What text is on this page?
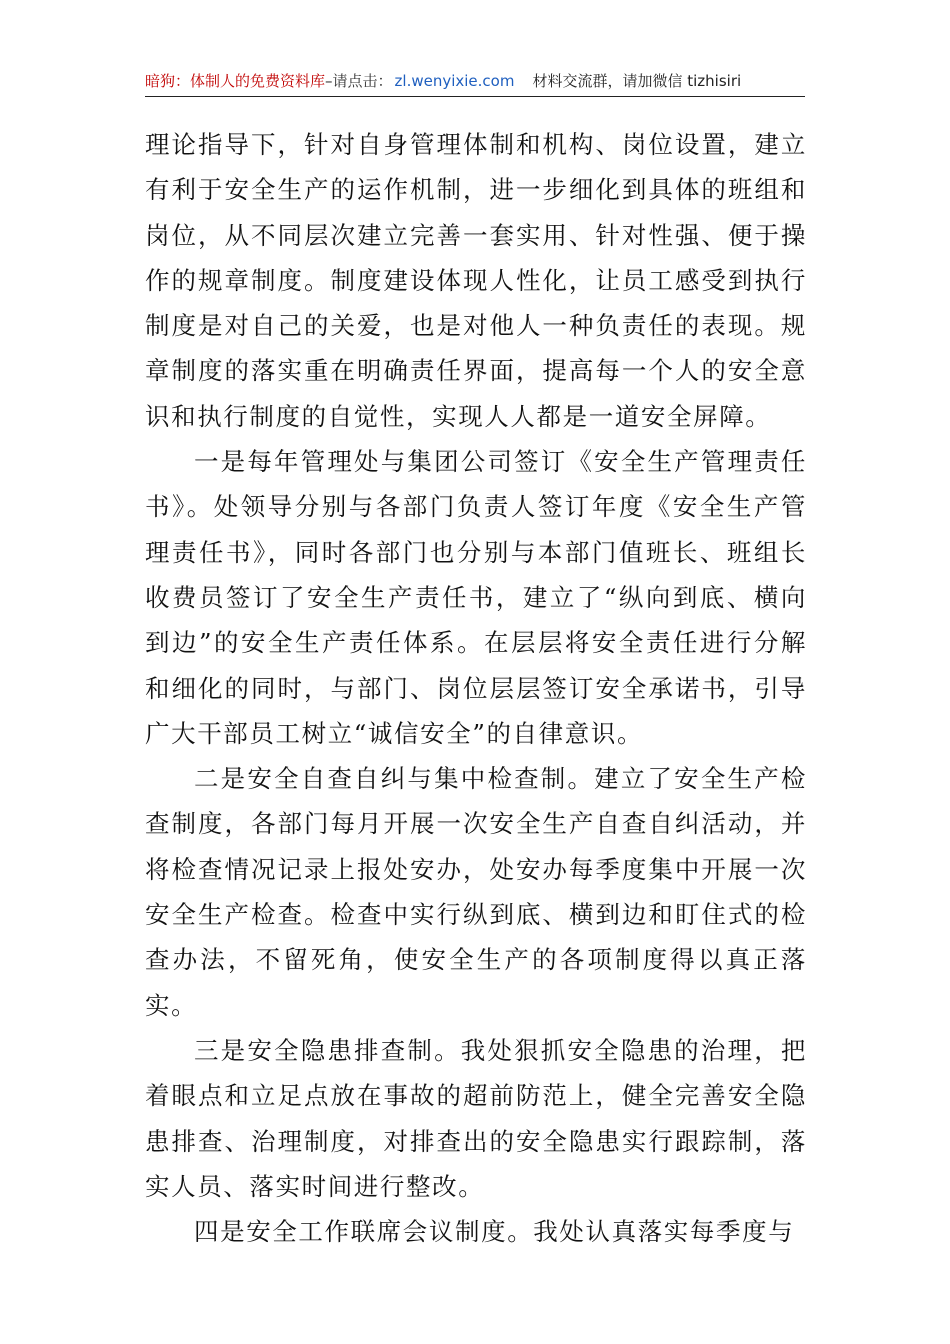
暗狗：体制人的免费资料库 –请点击： zl.wenyixie.com 材料交流群，请加微信 tizhisiri

理论指导下，针对自身管理体制和机构、岗位设置，建立有利于安全生产的运作机制，进一步细化到具体的班组和岗位，从不同层次建立完善一套实用、针对性强、便于操作的规章制度。制度建设体现人性化，让员工感受到执行制度是对自己的关爱，也是对他人一种负责任的表现。规章制度的落实重在明确责任界面，提高每一个人的安全意识和执行制度的自觉性，实现人人都是一道安全屏障。

一是每年管理处与集团公司签订《安全生产管理责任书》。处领导分别与各部门负责人签订年度《安全生产管理责任书》，同时各部门也分别与本部门值班长、班组长收费员签订了安全生产责任书，建立了“纵向到底、横向到边”的安全生产责任体系。在层层将安全责任进行分解和细化的同时，与部门、岗位层层签订安全承诺书，引导广大干部员工树立“诚信安全”的自律意识。

二是安全自查自纠与集中检查制。建立了安全生产检查制度，各部门每月开展一次安全生产自查自纠活动，并将检查情况记录上报处安办，处安办每季度集中开展一次安全生产检查。检查中实行纵到底、横到边和盯住式的检查办法，不留死角，使安全生产的各项制度得以真正落实。

三是安全隐患排查制。我处狠抓安全隐患的治理，把着眼点和立足点放在事故的超前防范上，健全完善安全隐患排查、治理制度，对排查出的安全隐患实行跟踪制，落实人员、落实时间进行整改。

四是安全工作联席会议制度。我处认真落实每季度与
